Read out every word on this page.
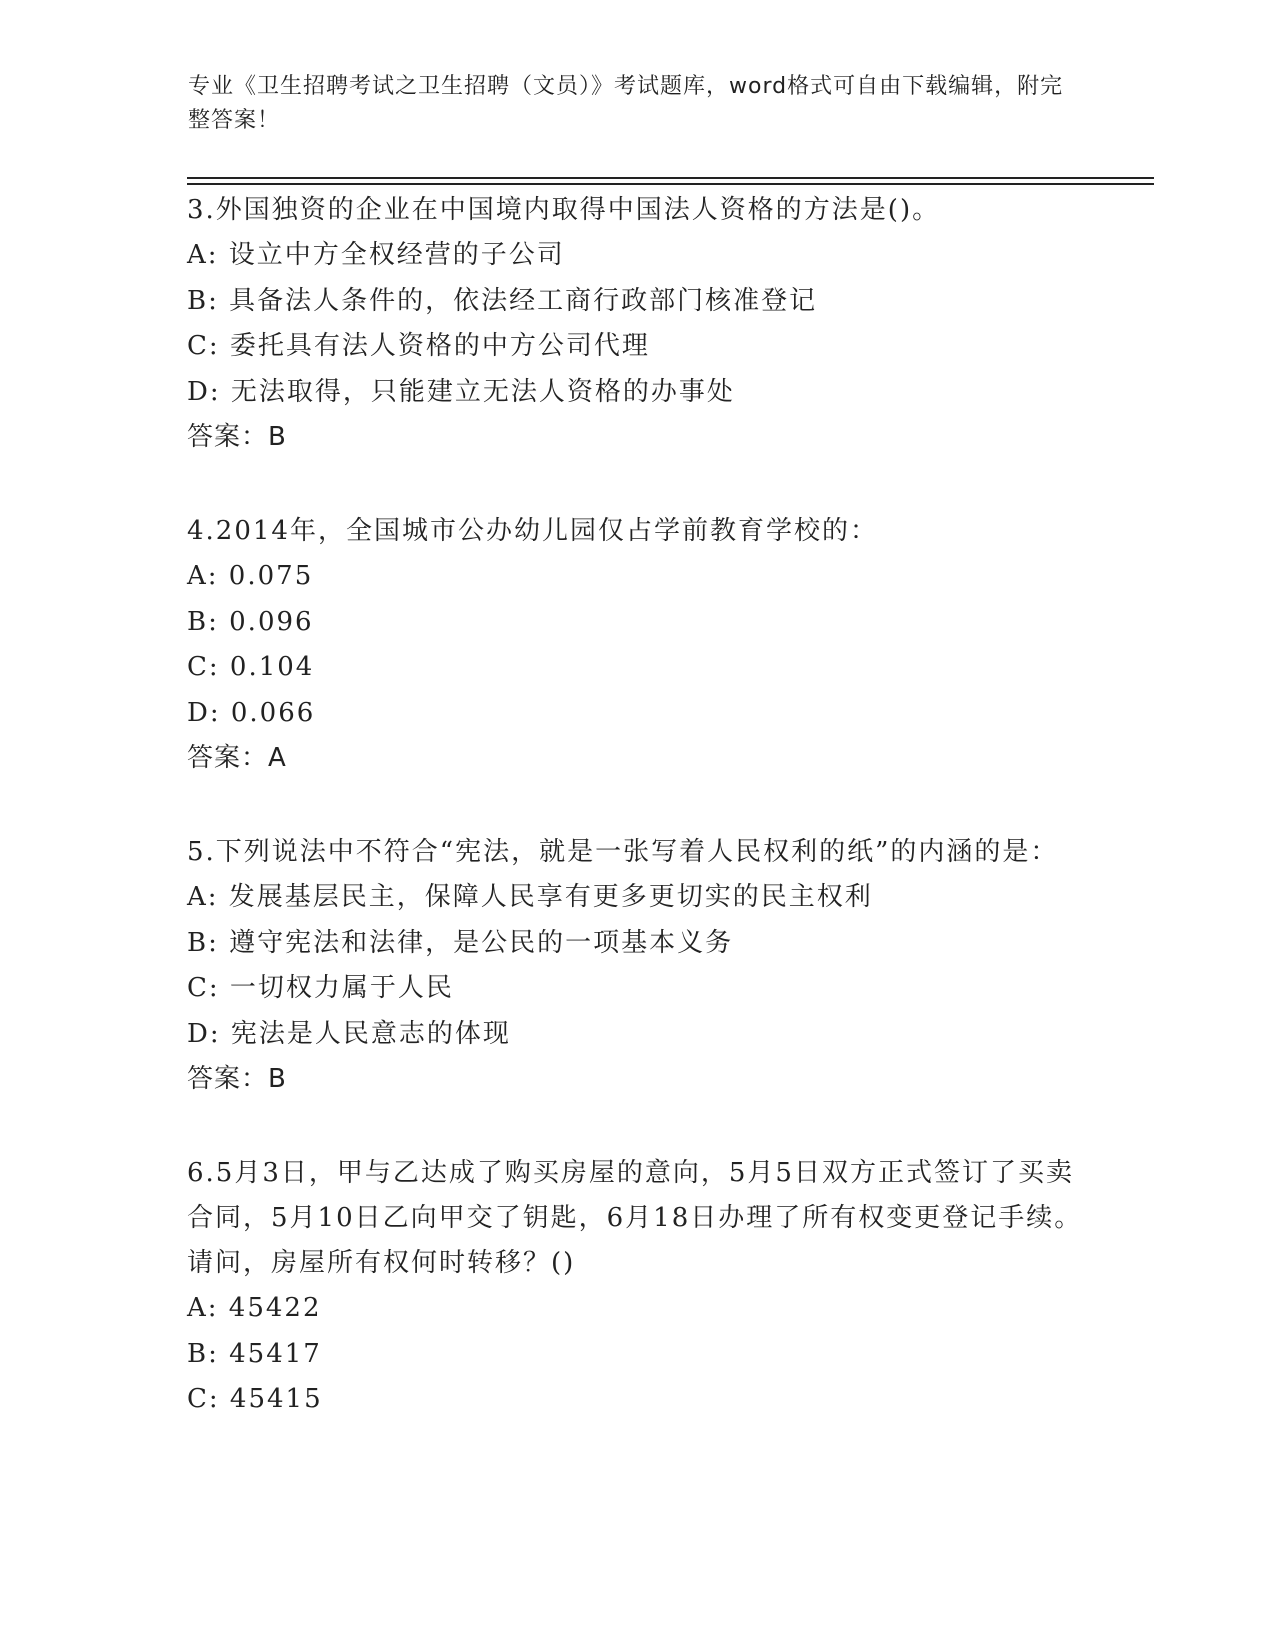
专业《卫生招聘考试之卫生招聘（文员）》考试题库，word格式可自由下载编辑，附完整答案！

3.外国独资的企业在中国境内取得中国法人资格的方法是()。

A: 设立中方全权经营的子公司

B: 具备法人条件的，依法经工商行政部门核准登记

C: 委托具有法人资格的中方公司代理

D: 无法取得，只能建立无法人资格的办事处

答案：B

4.2014年，全国城市公办幼儿园仅占学前教育学校的：

A: 0.075

B: 0.096

C: 0.104

D: 0.066

答案：A

5.下列说法中不符合“宪法，就是一张写着人民权利的纸”的内涵的是：

A: 发展基层民主，保障人民享有更多更切实的民主权利

B: 遵守宪法和法律，是公民的一项基本义务

C: 一切权力属于人民

D: 宪法是人民意志的体现

答案：B

6.5月3日，甲与乙达成了购买房屋的意向，5月5日双方正式签订了买卖合同，5月10日乙向甲交了钥匙，6月18日办理了所有权变更登记手续。请问，房屋所有权何时转移？()

A: 45422

B: 45417

C: 45415
